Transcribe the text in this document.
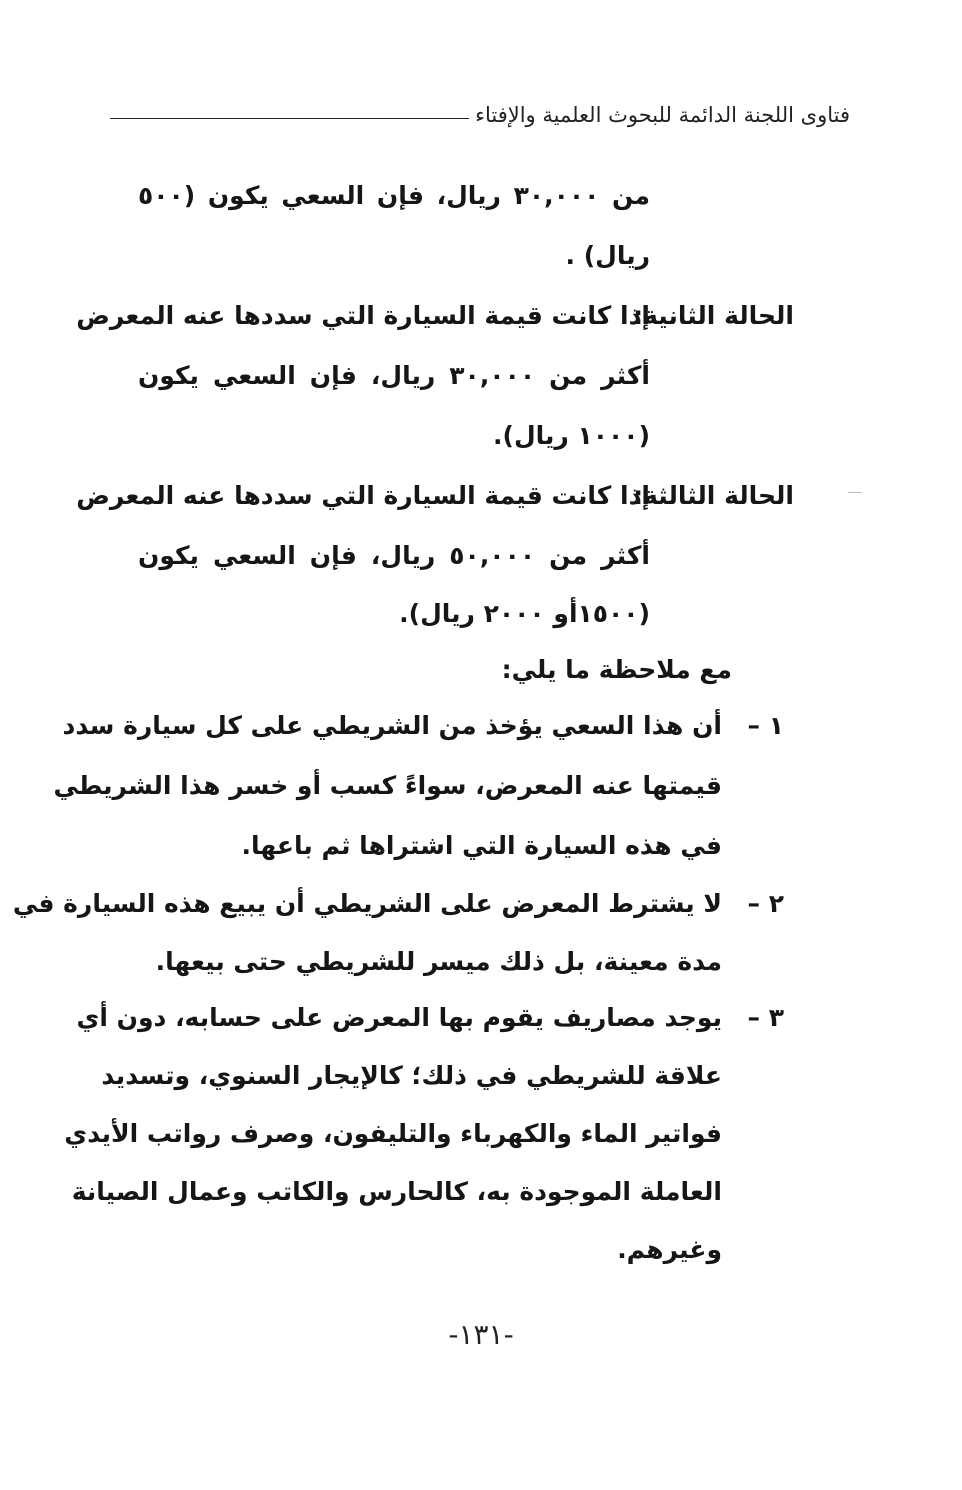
فتاوى اللجنة الدائمة للبحوث العلمية والإفتاء
من ٣٠,٠٠٠ ريال، فإن السعي يكون (٥٠٠
ريال) .
الحالة الثانية:
إذا كانت قيمة السيارة التي سددها عنه المعرض
أكثر من ٣٠,٠٠٠ ريال، فإن السعي يكون
(١٠٠٠ ريال).
الحالة الثالثة:
إذا كانت قيمة السيارة التي سددها عنه المعرض
أكثر من ٥٠,٠٠٠ ريال، فإن السعي يكون
(١٥٠٠أو ٢٠٠٠ ريال).
مع ملاحظة ما يلي:
١ –
أن هذا السعي يؤخذ من الشريطي على كل سيارة سدد
قيمتها عنه المعرض، سواءً كسب أو خسر هذا الشريطي
في هذه السيارة التي اشتراها ثم باعها.
٢ –
لا يشترط المعرض على الشريطي أن يبيع هذه السيارة في
مدة معينة، بل ذلك ميسر للشريطي حتى بيعها.
٣ –
يوجد مصاريف يقوم بها المعرض على حسابه، دون أي
علاقة للشريطي في ذلك؛ كالإيجار السنوي، وتسديد
فواتير الماء والكهرباء والتليفون، وصرف رواتب الأيدي
العاملة الموجودة به، كالحارس والكاتب وعمال الصيانة
وغيرهم.
-١٣١-
